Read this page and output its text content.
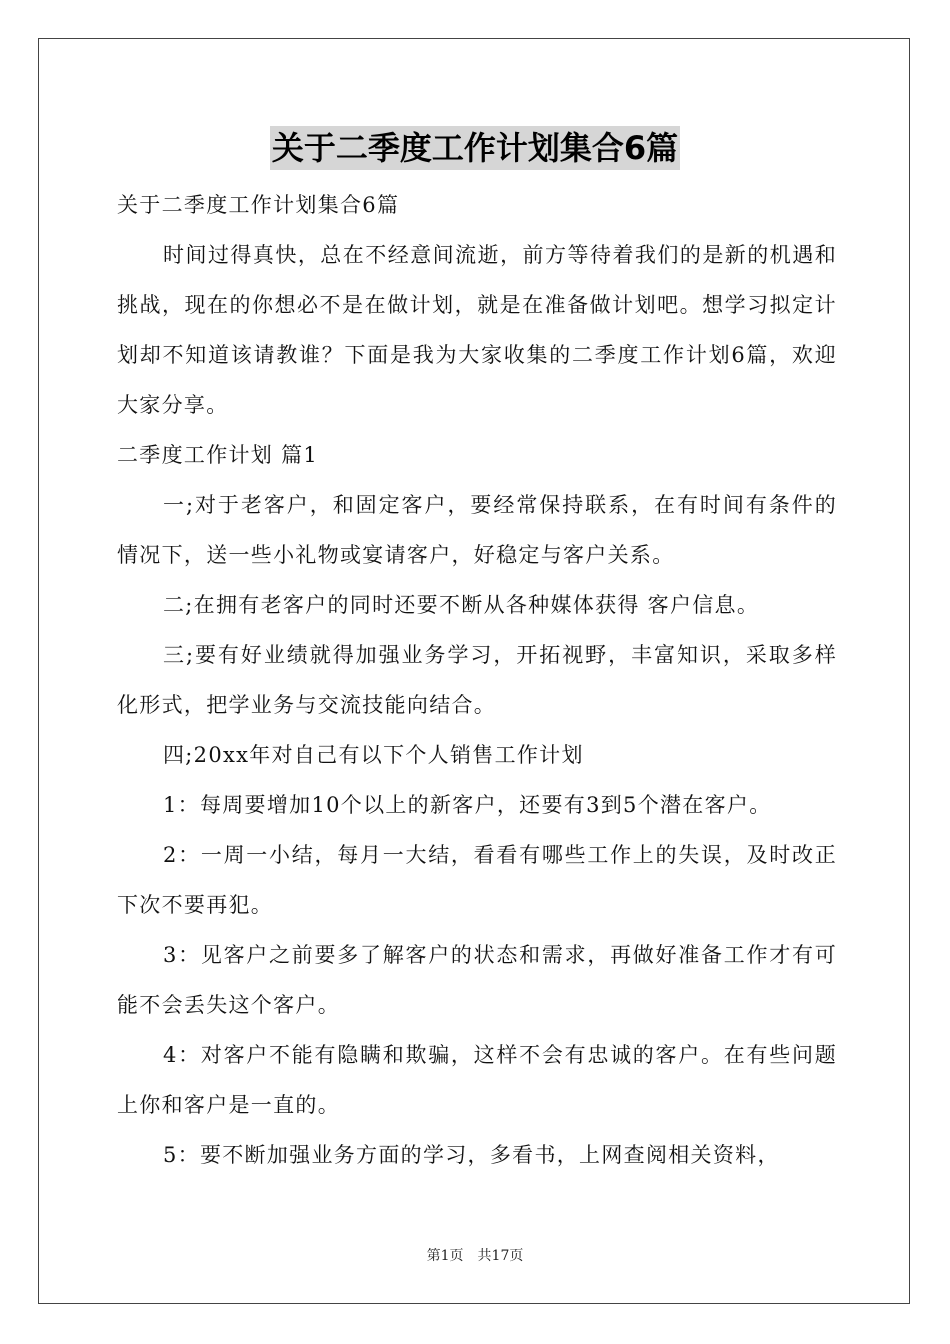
关于二季度工作计划集合6篇

关于二季度工作计划集合6篇

时间过得真快，总在不经意间流逝，前方等待着我们的是新的机遇和挑战，现在的你想必不是在做计划，就是在准备做计划吧。想学习拟定计划却不知道该请教谁？下面是我为大家收集的二季度工作计划6篇，欢迎大家分享。

二季度工作计划 篇1

一;对于老客户，和固定客户，要经常保持联系，在有时间有条件的情况下，送一些小礼物或宴请客户，好稳定与客户关系。

二;在拥有老客户的同时还要不断从各种媒体获得 客户信息。

三;要有好业绩就得加强业务学习，开拓视野，丰富知识，采取多样化形式，把学业务与交流技能向结合。

四;20xx年对自己有以下个人销售工作计划

1：每周要增加10个以上的新客户，还要有3到5个潜在客户。

2：一周一小结，每月一大结，看看有哪些工作上的失误，及时改正下次不要再犯。

3：见客户之前要多了解客户的状态和需求，再做好准备工作才有可能不会丢失这个客户。

4：对客户不能有隐瞒和欺骗，这样不会有忠诚的客户。在有些问题上你和客户是一直的。

5：要不断加强业务方面的学习，多看书，上网查阅相关资料，

第1页 共17页
